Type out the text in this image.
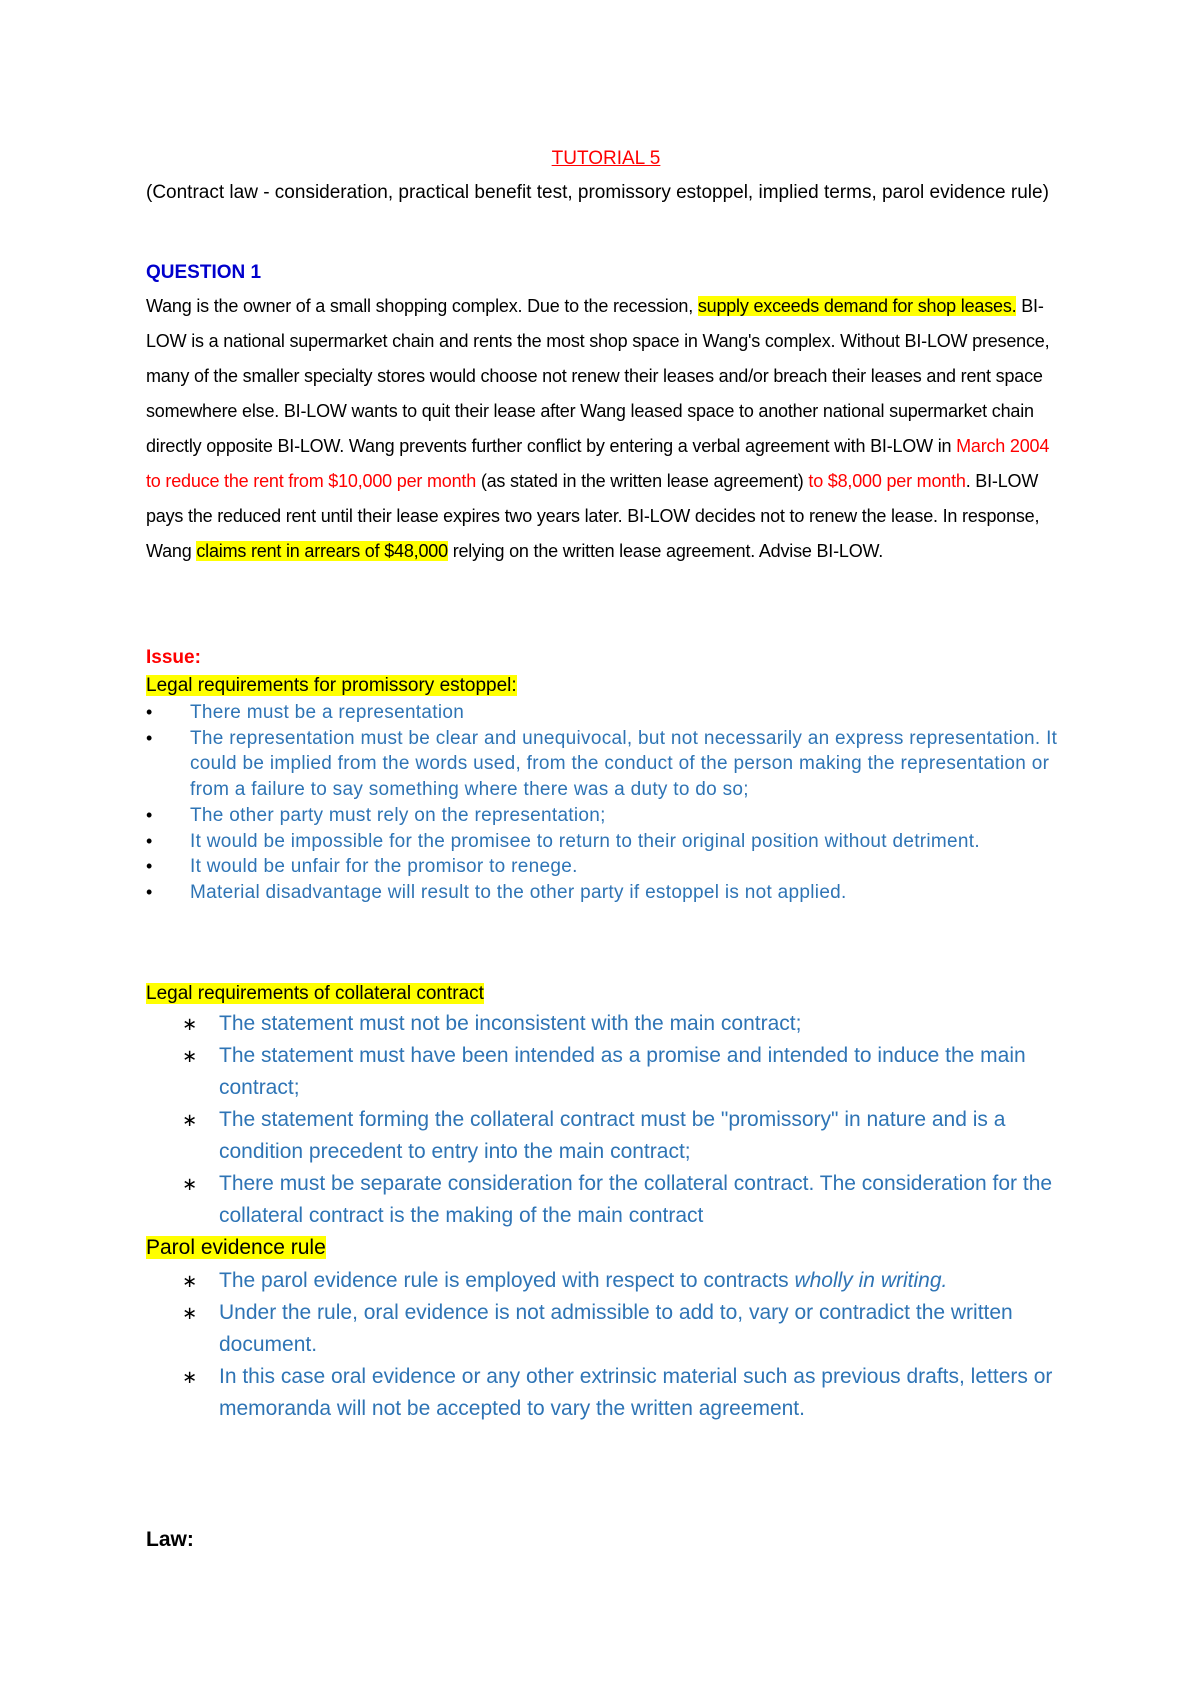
TUTORIAL 5
(Contract law - consideration, practical benefit test, promissory estoppel, implied terms, parol evidence rule)
QUESTION 1
Wang is the owner of a small shopping complex. Due to the recession, supply exceeds demand for shop leases. BI-LOW is a national supermarket chain and rents the most shop space in Wang's complex. Without BI-LOW presence, many of the smaller specialty stores would choose not renew their leases and/or breach their leases and rent space somewhere else. BI-LOW wants to quit their lease after Wang leased space to another national supermarket chain directly opposite BI-LOW. Wang prevents further conflict by entering a verbal agreement with BI-LOW in March 2004 to reduce the rent from $10,000 per month (as stated in the written lease agreement) to $8,000 per month. BI-LOW pays the reduced rent until their lease expires two years later. BI-LOW decides not to renew the lease. In response, Wang claims rent in arrears of $48,000 relying on the written lease agreement. Advise BI-LOW.
Issue:
Legal requirements for promissory estoppel:
• There must be a representation
• The representation must be clear and unequivocal, but not necessarily an express representation. It could be implied from the words used, from the conduct of the person making the representation or from a failure to say something where there was a duty to do so;
• The other party must rely on the representation;
• It would be impossible for the promisee to return to their original position without detriment.
• It would be unfair for the promisor to renege.
• Material disadvantage will result to the other party if estoppel is not applied.
Legal requirements of collateral contract
∗ The statement must not be inconsistent with the main contract;
∗ The statement must have been intended as a promise and intended to induce the main contract;
∗ The statement forming the collateral contract must be "promissory" in nature and is a condition precedent to entry into the main contract;
∗ There must be separate consideration for the collateral contract. The consideration for the collateral contract is the making of the main contract
Parol evidence rule
∗ The parol evidence rule is employed with respect to contracts wholly in writing.
∗ Under the rule, oral evidence is not admissible to add to, vary or contradict the written document.
∗ In this case oral evidence or any other extrinsic material such as previous drafts, letters or memoranda will not be accepted to vary the written agreement.
Law:
